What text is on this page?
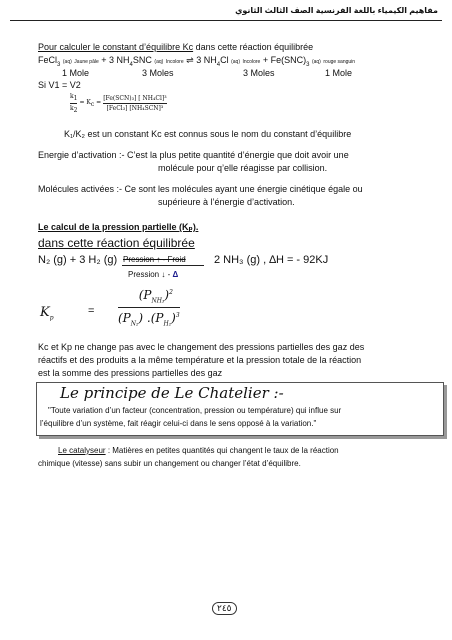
مفاهيم الكيمياء باللغة الفرنسية الصف الثالث الثانوي
Pour calculer le constant d’équilibre Kc dans cette réaction équilibrée
FeCl$_3$ (aq) Jaune pâle + 3 $NH_4SNC$ (aq) Incolore ⇌ 3 $NH_4Cl$ (aq) Incolore + $Fe(SNC)_3$ (aq) rouge sanguin
1 Mole	3 Moles	3 Moles	1 Mole
Si V1 = V2
$\frac{k_1}{k_2} = K_c = \frac{\text{[Fe(SCN)₃] [ NH₄Cl]³}}{\text{[FeCl₃] [NH₄SCN]³}}$
K₁/K₂ est un constant Kc est connus sous le nom du constant d’équilibre
Energie d’activation :- C’est la plus petite quantité d’énergie que doit avoir une
molécule pour q’elle réagisse par collision.
Molécules activées :- Ce sont les molécules ayant une énergie cinétique égale ou
supérieure à l’énergie d’activation.
Le calcul de la pression partielle (Kₚ).
dans cette réaction équilibrée
N₂ (g) + 3 H₂ (g) Pression ↑ - Froid
Pression ↓ - Δ
2 NH₃ (g) , ∆H = - 92KJ
$K_p$
=
$(P_{NH_3})^2$
$(P_{N_2})$ $.(P_{H_2})^3$
Kc et Kp ne change pas avec le changement des pressions partielles des gaz des
réactifs et des produits a la même température et la pression totale de la réaction
est la somme des pressions partielles des gaz
Le principe de Le Chatelier :-
"Toute variation d’un facteur (concentration, pression ou température) qui influe sur
l’équilibre d’un système, fait réagir celui-ci dans le sens opposé à la variation."
Le catalyseur : Matières en petites quantités qui changent le taux de la réaction
chimique (vitesse) sans subir un changement ou changer l’état d’équilibre.
٢٤٥
